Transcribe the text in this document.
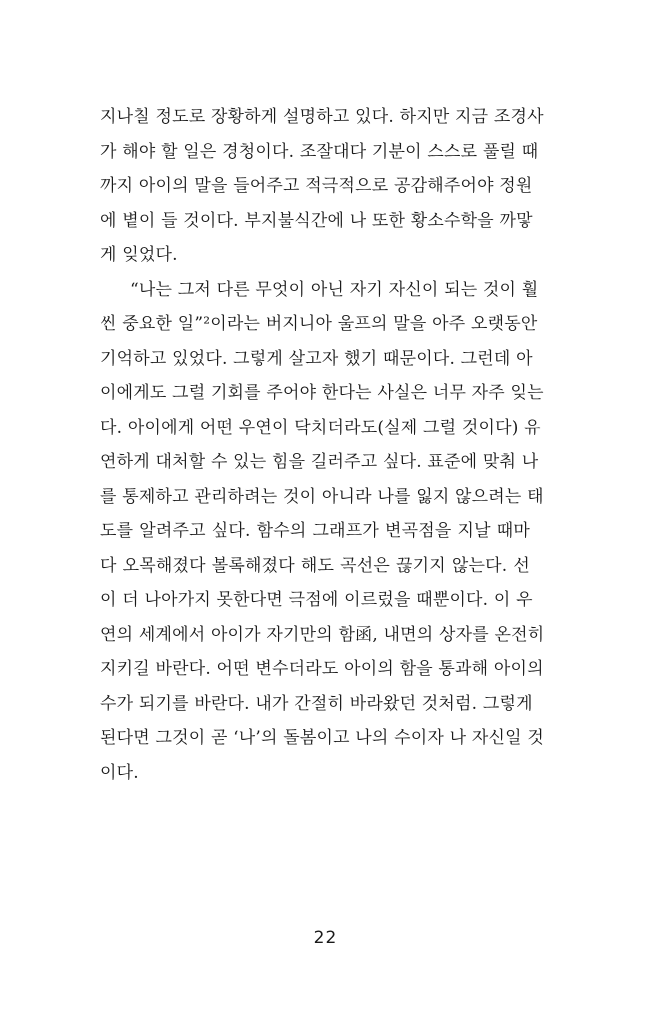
지나칠 정도로 장황하게 설명하고 있다. 하지만 지금 조경사
가 해야 할 일은 경청이다. 조잘대다 기분이 스스로 풀릴 때
까지 아이의 말을 들어주고 적극적으로 공감해주어야 정원
에 볕이 들 것이다. 부지불식간에 나 또한 황소수학을 까맣
게 잊었다.
“나는 그저 다른 무엇이 아닌 자기 자신이 되는 것이 훨
씬 중요한 일”²이라는 버지니아 울프의 말을 아주 오랫동안
기억하고 있었다. 그렇게 살고자 했기 때문이다. 그런데 아
이에게도 그럴 기회를 주어야 한다는 사실은 너무 자주 잊는
다. 아이에게 어떤 우연이 닥치더라도(실제 그럴 것이다) 유
연하게 대처할 수 있는 힘을 길러주고 싶다. 표준에 맞춰 나
를 통제하고 관리하려는 것이 아니라 나를 잃지 않으려는 태
도를 알려주고 싶다. 함수의 그래프가 변곡점을 지날 때마
다 오목해졌다 볼록해졌다 해도 곡선은 끊기지 않는다. 선
이 더 나아가지 못한다면 극점에 이르렀을 때뿐이다. 이 우
연의 세계에서 아이가 자기만의 함函, 내면의 상자를 온전히
지키길 바란다. 어떤 변수더라도 아이의 함을 통과해 아이의
수가 되기를 바란다. 내가 간절히 바라왔던 것처럼. 그렇게
된다면 그것이 곧 ‘나’의 돌봄이고 나의 수이자 나 자신일 것
이다.
22
